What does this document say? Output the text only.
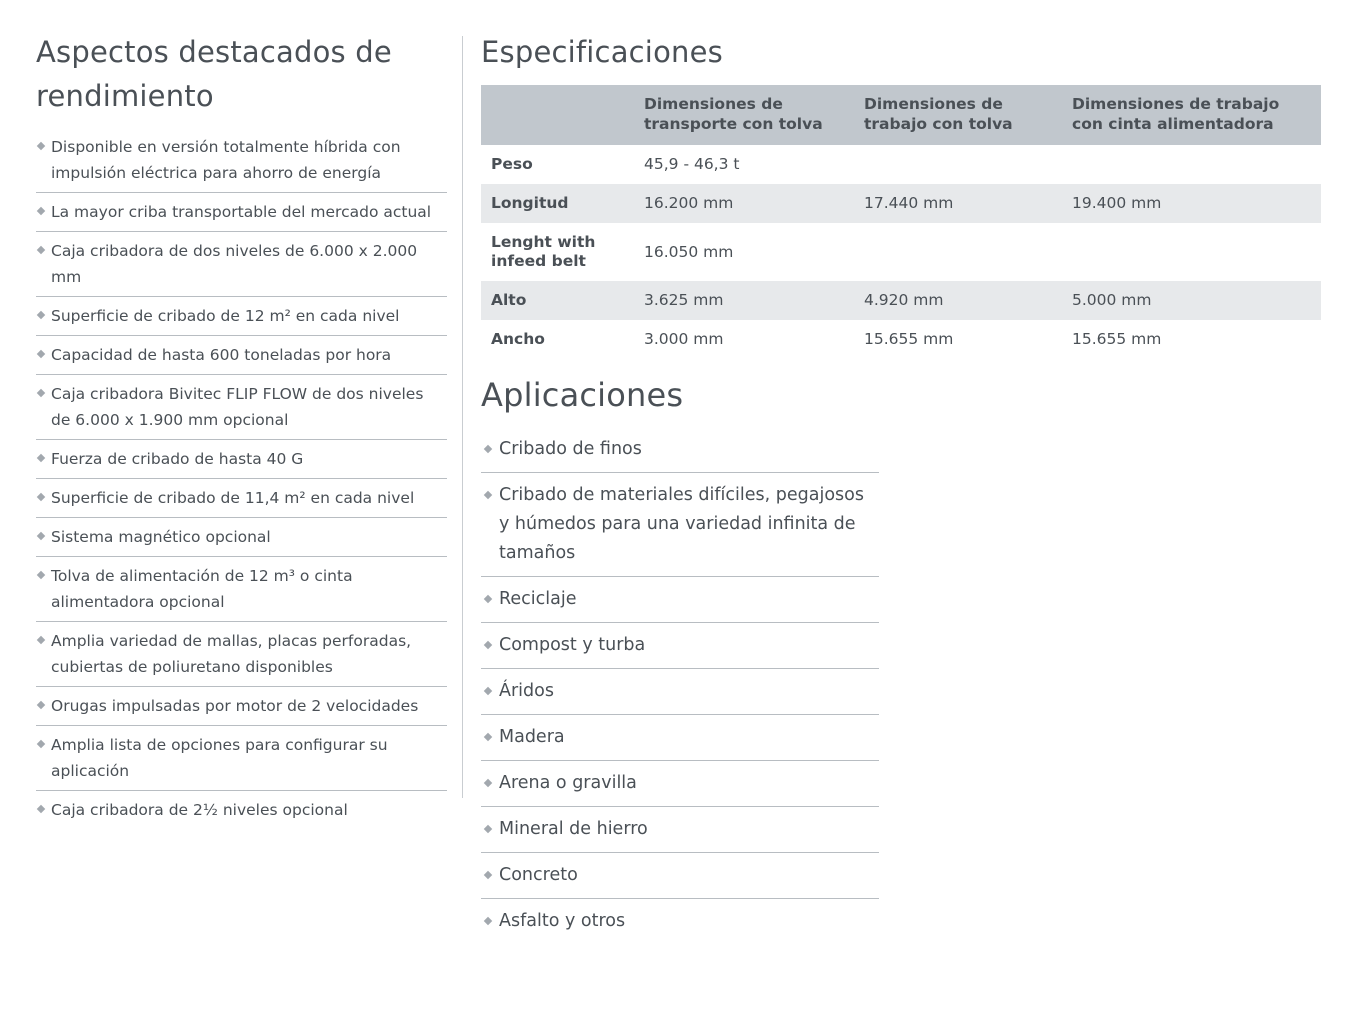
Aspectos destacados de rendimiento
Disponible en versión totalmente híbrida con impulsión eléctrica para ahorro de energía
La mayor criba transportable del mercado actual
Caja cribadora de dos niveles de 6.000 x 2.000 mm
Superficie de cribado de 12 m² en cada nivel
Capacidad de hasta 600 toneladas por hora
Caja cribadora Bivitec FLIP FLOW de dos niveles de 6.000 x 1.900 mm opcional
Fuerza de cribado de hasta 40 G
Superficie de cribado de 11,4 m² en cada nivel
Sistema magnético opcional
Tolva de alimentación de 12 m³ o cinta alimentadora opcional
Amplia variedad de mallas, placas perforadas, cubiertas de poliuretano disponibles
Orugas impulsadas por motor de 2 velocidades
Amplia lista de opciones para configurar su aplicación
Caja cribadora de 2½ niveles opcional
Especificaciones
	Dimensiones de transporte con tolva	Dimensiones de trabajo con tolva	Dimensiones de trabajo con cinta alimentadora
Peso	45,9 - 46,3 t		
Longitud	16.200 mm	17.440 mm	19.400 mm
Lenght with infeed belt	16.050 mm		
Alto	3.625 mm	4.920 mm	5.000 mm
Ancho	3.000 mm	15.655 mm	15.655 mm
Aplicaciones
Cribado de finos
Cribado de materiales difíciles, pegajosos y húmedos para una variedad infinita de tamaños
Reciclaje
Compost y turba
Áridos
Madera
Arena o gravilla
Mineral de hierro
Concreto
Asfalto y otros
